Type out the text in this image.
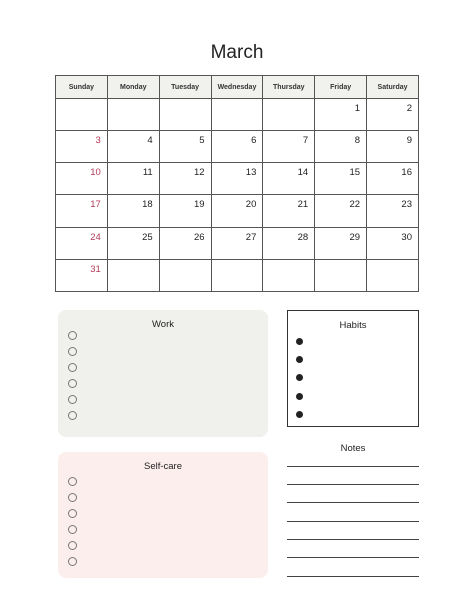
March
Sunday	Monday	Tuesday	Wednesday	Thursday	Friday	Saturday
					1	2
3	4	5	6	7	8	9
10	11	12	13	14	15	16
17	18	19	20	21	22	23
24	25	26	27	28	29	30
31						
Work
Self-care
Habits
Notes
